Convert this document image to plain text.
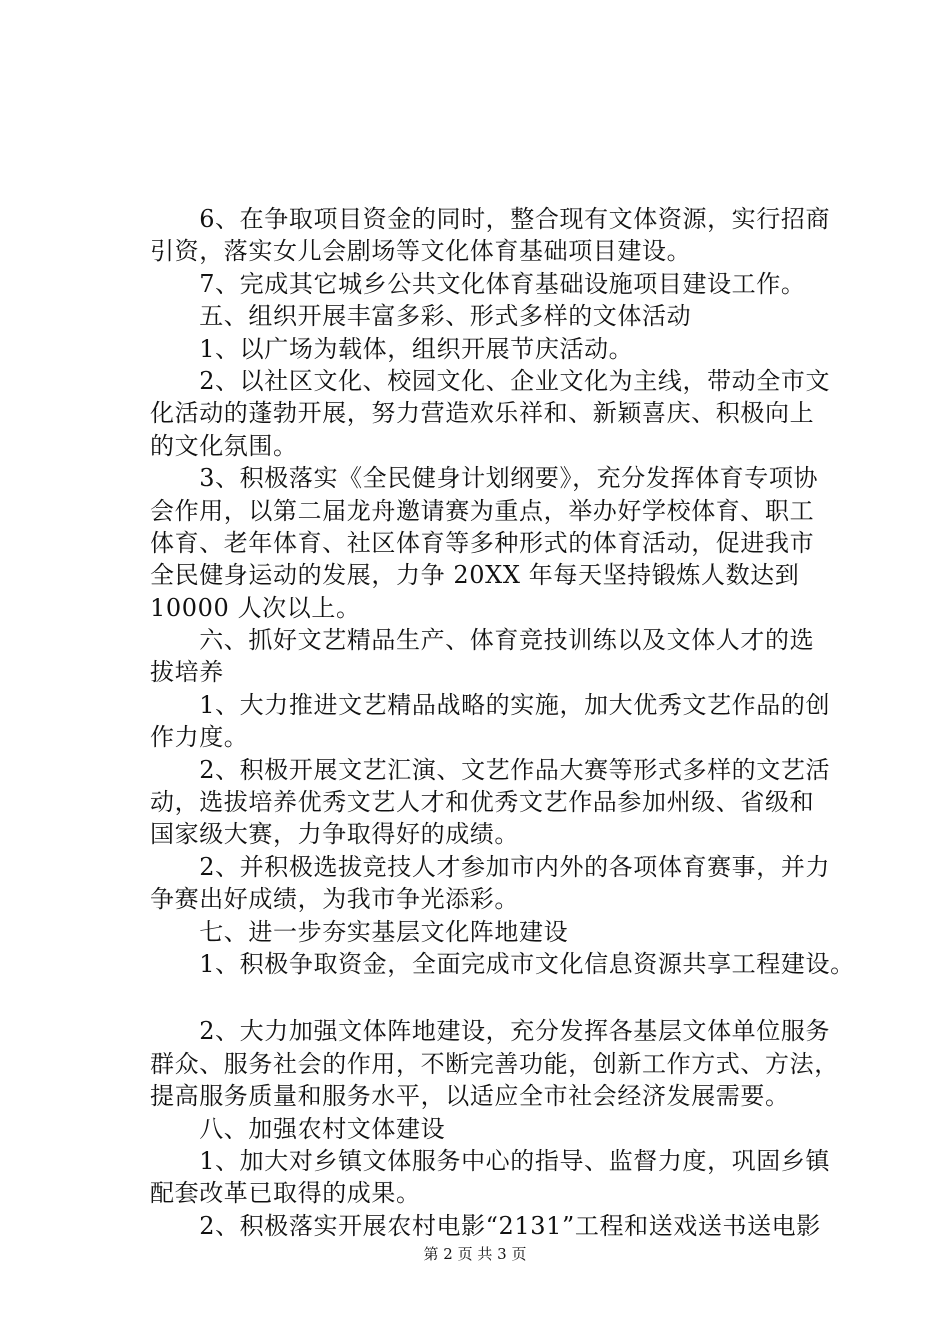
　　6、在争取项目资金的同时，整合现有文体资源，实行招商
引资，落实女儿会剧场等文化体育基础项目建设。
　　7、完成其它城乡公共文化体育基础设施项目建设工作。
　　五、组织开展丰富多彩、形式多样的文体活动
　　1、以广场为载体，组织开展节庆活动。
　　2、以社区文化、校园文化、企业文化为主线，带动全市文
化活动的蓬勃开展，努力营造欢乐祥和、新颖喜庆、积极向上
的文化氛围。
　　3、积极落实《全民健身计划纲要》，充分发挥体育专项协
会作用，以第二届龙舟邀请赛为重点，举办好学校体育、职工
体育、老年体育、社区体育等多种形式的体育活动，促进我市
全民健身运动的发展，力争 20XX 年每天坚持锻炼人数达到
10000 人次以上。
　　六、抓好文艺精品生产、体育竞技训练以及文体人才的选
拔培养
　　1、大力推进文艺精品战略的实施，加大优秀文艺作品的创
作力度。
　　2、积极开展文艺汇演、文艺作品大赛等形式多样的文艺活
动，选拔培养优秀文艺人才和优秀文艺作品参加州级、省级和
国家级大赛，力争取得好的成绩。
　　2、并积极选拔竞技人才参加市内外的各项体育赛事，并力
争赛出好成绩，为我市争光添彩。
　　七、进一步夯实基层文化阵地建设
　　1、积极争取资金，全面完成市文化信息资源共享工程建设。
　　2、大力加强文体阵地建设，充分发挥各基层文体单位服务
群众、服务社会的作用，不断完善功能，创新工作方式、方法，
提高服务质量和服务水平，以适应全市社会经济发展需要。
　　八、加强农村文体建设
　　1、加大对乡镇文体服务中心的指导、监督力度，巩固乡镇
配套改革已取得的成果。
　　2、积极落实开展农村电影“2131”工程和送戏送书送电影
第 2 页 共 3 页
